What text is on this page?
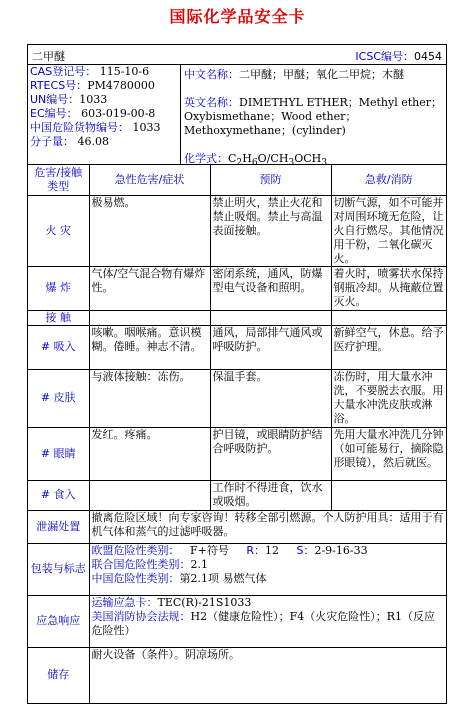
国际化学品安全卡
二甲醚	ICSC编号：0454
CAS登记号： 115-10-6
RTECS号：PM4780000
UN编号：1033
EC编号： 603-019-00-8
中国危险货物编号： 1033
分子量： 46.08
中文名称：二甲醚；甲醚；氧化二甲烷；木醚
英文名称：DIMETHYL ETHER；Methyl ether；Oxybismethane；Wood ether；Methoxymethane；(cylinder)
化学式：$C_2H_6O/CH_3OCH_3$
危害/接触类型	急性危害/症状	预防	急救/消防
火 灾	极易燃。	禁止明火，禁止火花和禁止吸烟。禁止与高温表面接触。	切断气源，如不可能并对周围环境无危险，让火自行燃尽。其他情况用干粉，二氧化碳灭火。
爆 炸	气体/空气混合物有爆炸性。	密闭系统，通风，防爆型电气设备和照明。	着火时，喷雾状水保持钢瓶冷却。从掩蔽位置灭火。
接 触			
# 吸入	咳嗽。咽喉痛。意识模糊。倦睡。神志不清。	通风，局部排气通风或呼吸防护。	新鲜空气，休息。给予医疗护理。
# 皮肤	与液体接触：冻伤。	保温手套。	冻伤时，用大量水冲洗，不要脱去衣服。用大量水冲洗皮肤或淋浴。
# 眼睛	发红。疼痛。	护目镜，或眼睛防护结合呼吸防护。	先用大量水冲洗几分钟（如可能易行，摘除隐形眼镜），然后就医。
# 食入		工作时不得进食，饮水或吸烟。	
泄漏处置	撤离危险区域！向专家咨询！转移全部引燃源。个人防护用具：适用于有机气体和蒸气的过滤呼吸器。		
包装与标志	欧盟危险性类别： F+符号 R：12 S：2-9-16-33
联合国危险性类别：2.1
中国危险性类别：第2.1项 易燃气体		

应急响应	运输应急卡：TEC(R)-21S1033
美国消防协会法规：H2（健康危险性）；F4（火灾危险性）；R1（反应危险性）		

储存	耐火设备（条件）。阴凉场所。		
